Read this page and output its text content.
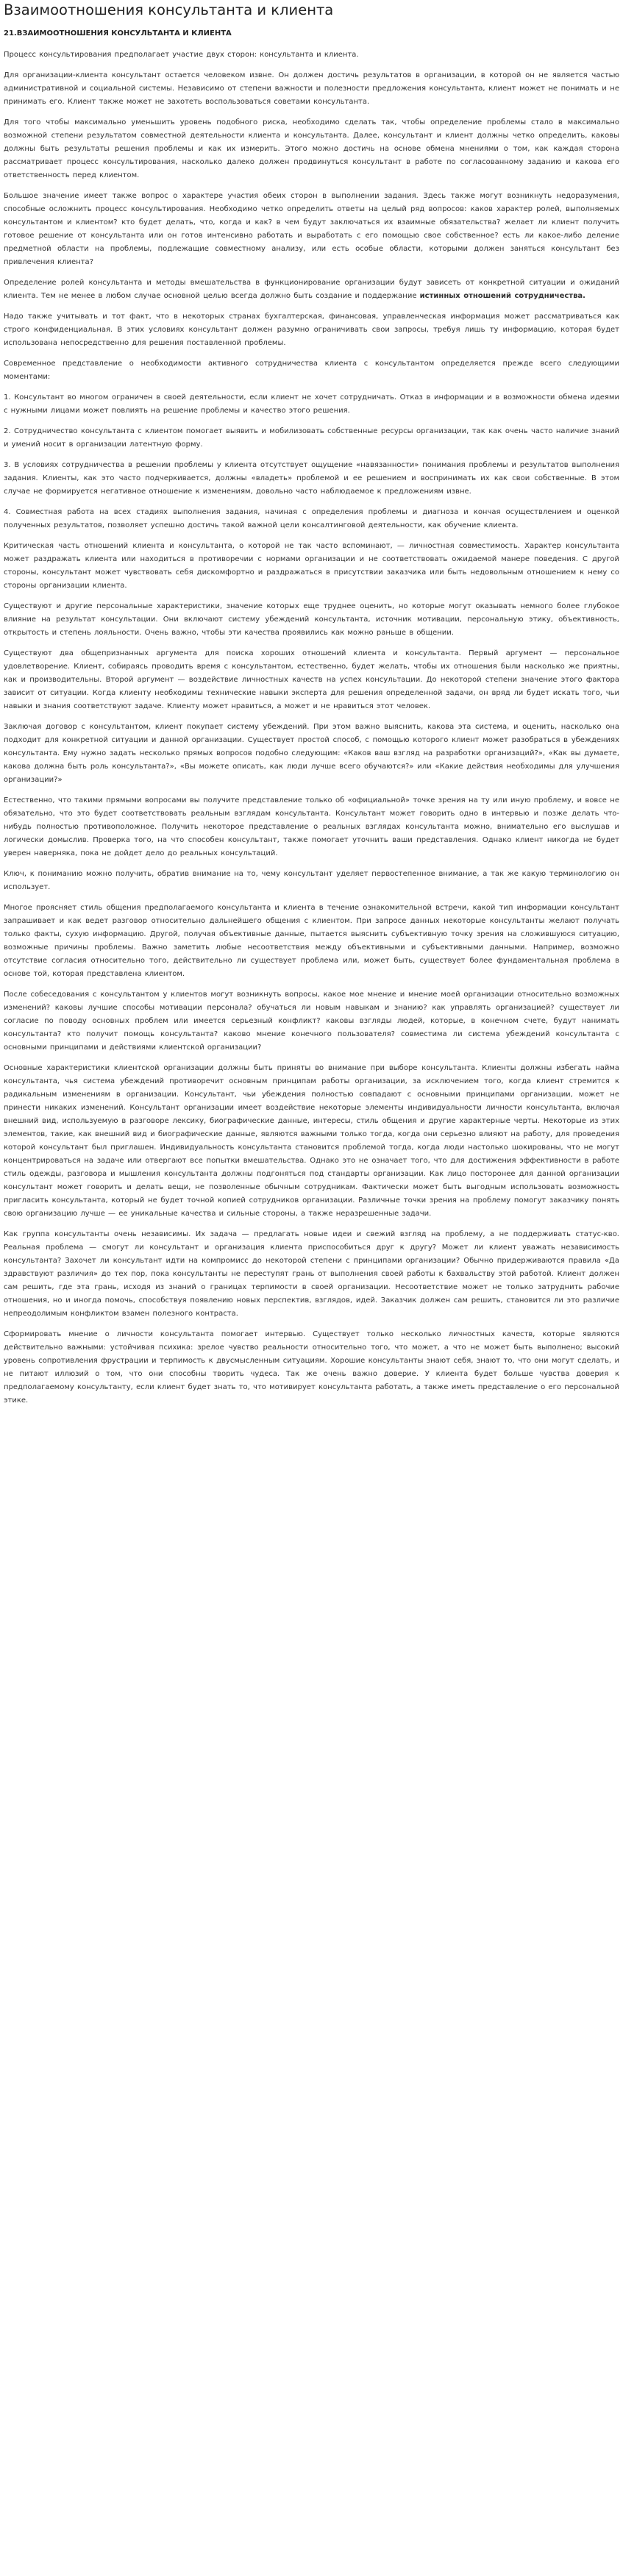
Взаимоотношения консультанта и клиента
21.ВЗАИМООТНОШЕНИЯ КОНСУЛЬТАНТА И КЛИЕНТА

Процесс консультирования предполагает участие двух сторон: консультанта и клиента.

Для организации-клиента консультант остается человеком извне. Он должен достичь результатов в организации, в которой он не является частью административной и социальной системы. Независимо от степени важности и полезности предложения консультанта, клиент может не понимать и не принимать его. Клиент также может не захотеть воспользоваться советами консультанта.

Для того чтобы максимально уменьшить уровень подобного риска, необходимо сделать так, чтобы определение проблемы стало в максимально возможной степени результатом совместной деятельности клиента и консультанта. Далее, консультант и клиент должны четко определить, каковы должны быть результаты решения проблемы и как их измерить. Этого можно достичь на основе обмена мнениями о том, как каждая сторона рассматривает процесс консультирования, насколько далеко должен продвинуться консультант в работе по согласованному заданию и какова его ответственность перед клиентом.

Большое значение имеет также вопрос о характере участия обеих сторон в выполнении задания. Здесь также могут возникнуть недоразумения, способные осложнить процесс консультирования. Необходимо четко определить ответы на целый ряд вопросов: каков характер ролей, выполняемых консультантом и клиентом? кто будет делать, что, когда и как? в чем будут заключаться их взаимные обязательства? желает ли клиент получить готовое решение от консультанта или он готов интенсивно работать и выработать с его помощью свое собственное? есть ли какое-либо деление предметной области на проблемы, подлежащие совместному анализу, или есть особые области, которыми должен заняться консультант без привлечения клиента?

Определение ролей консультанта и методы вмешательства в функционирование организации будут зависеть от конкретной ситуации и ожиданий клиента. Тем не менее в любом случае основной целью всегда должно быть создание и поддержание истинных отношений сотрудничества.

Надо также учитывать и тот факт, что в некоторых странах бухгалтерская, финансовая, управленческая информация может рассматриваться как строго конфиденциальная. В этих условиях консультант должен разумно ограничивать свои запросы, требуя лишь ту информацию, которая будет использована непосредственно для решения поставленной проблемы.

Современное представление о необходимости активного сотрудничества клиента с консультантом определяется прежде всего следующими моментами:

1. Консультант во многом ограничен в своей деятельности, если клиент не хочет сотрудничать. Отказ в информации и в возможности обмена идеями с нужными лицами может повлиять на решение проблемы и качество этого решения.

2. Сотрудничество консультанта с клиентом помогает выявить и мобилизовать собственные ресурсы организации, так как очень часто наличие знаний и умений носит в организации латентную форму.

3. В условиях сотрудничества в решении проблемы у клиента отсутствует ощущение «навязанности» понимания проблемы и результатов выполнения задания. Клиенты, как это часто подчеркивается, должны «владеть» проблемой и ее решением и воспринимать их как свои собственные. В этом случае не формируется негативное отношение к изменениям, довольно часто наблюдаемое к предложениям извне.

4. Совместная работа на всех стадиях выполнения задания, начиная с определения проблемы и диагноза и кончая осуществлением и оценкой полученных результатов, позволяет успешно достичь такой важной цели консалтинговой деятельности, как обучение клиента.

Критическая часть отношений клиента и консультанта, о которой не так часто вспоминают, — личностная совместимость. Характер консультанта может раздражать клиента или находиться в противоречии с нормами организации и не соответствовать ожидаемой манере поведения. С другой стороны, консультант может чувствовать себя дискомфортно и раздражаться в присутствии заказчика или быть недовольным отношением к нему со стороны организации клиента.

Существуют и другие персональные характеристики, значение которых еще труднее оценить, но которые могут оказывать немного более глубокое влияние на результат консультации. Они включают систему убеждений консультанта, источник мотивации, персональную этику, объективность, открытость и степень лояльности. Очень важно, чтобы эти качества проявились как можно раньше в общении.

Существуют два общепризнанных аргумента для поиска хороших отношений клиента и консультанта. Первый аргумент — персональное удовлетворение. Клиент, собираясь проводить время с консультантом, естественно, будет желать, чтобы их отношения были насколько же приятны, как и производительны. Второй аргумент — воздействие личностных качеств на успех консультации. До некоторой степени значение этого фактора зависит от ситуации. Когда клиенту необходимы технические навыки эксперта для решения определенной задачи, он вряд ли будет искать того, чьи навыки и знания соответствуют задаче. Клиенту может нравиться, а может и не нравиться этот человек.

Заключая договор с консультантом, клиент покупает систему убеждений. При этом важно выяснить, какова эта система, и оценить, насколько она подходит для конкретной ситуации и данной организации. Существует простой способ, с помощью которого клиент может разобраться в убеждениях консультанта. Ему нужно задать несколько прямых вопросов подобно следующим: «Каков ваш взгляд на разработки организаций?», «Как вы думаете, какова должна быть роль консультанта?», «Вы можете описать, как люди лучше всего обучаются?» или «Какие действия необходимы для улучшения организации?»

Естественно, что такими прямыми вопросами вы получите представление только об «официальной» точке зрения на ту или иную проблему, и вовсе не обязательно, что это будет соответствовать реальным взглядам консультанта. Консультант может говорить одно в интервью и позже делать что-нибудь полностью противоположное. Получить некоторое представление о реальных взглядах консультанта можно, внимательно его выслушав и логически домыслив. Проверка того, на что способен консультант, также помогает уточнить ваши представления. Однако клиент никогда не будет уверен наверняка, пока не дойдет дело до реальных консультаций.

Ключ, к пониманию можно получить, обратив внимание на то, чему консультант уделяет первостепенное внимание, а так же какую терминологию он использует.

Многое проясняет стиль общения предполагаемого консультанта и клиента в течение ознакомительной встречи, какой тип информации консультант запрашивает и как ведет разговор относительно дальнейшего общения с клиентом. При запросе данных некоторые консультанты желают получать только факты, сухую информацию. Другой, получая объективные данные, пытается выяснить субъективную точку зрения на сложившуюся ситуацию, возможные причины проблемы. Важно заметить любые несоответствия между объективными и субъективными данными. Например, возможно отсутствие согласия относительно того, действительно ли существует проблема или, может быть, существует более фундаментальная проблема в основе той, которая представлена клиентом.

После собеседования с консультантом у клиентов могут возникнуть вопросы, какое мое мнение и мнение моей организации относительно возможных изменений? каковы лучшие способы мотивации персонала? обучаться ли новым навыкам и знанию? как управлять организацией? существует ли согласие по поводу основных проблем или имеется серьезный конфликт? каковы взгляды людей, которые, в конечном счете, будут нанимать консультанта? кто получит помощь консультанта? каково мнение конечного пользователя? совместима ли система убеждений консультанта с основными принципами и действиями клиентской организации?

Основные характеристики клиентской организации должны быть приняты во внимание при выборе консультанта. Клиенты должны избегать найма консультанта, чья система убеждений противоречит основным принципам работы организации, за исключением того, когда клиент стремится к радикальным изменениям в организации. Консультант, чьи убеждения полностью совпадают с основными принципами организации, может не принести никаких изменений. Консультант организации имеет воздействие некоторые элементы индивидуальности личности консультанта, включая внешний вид, используемую в разговоре лексику, биографические данные, интересы, стиль общения и другие характерные черты. Некоторые из этих элементов, такие, как внешний вид и биографические данные, являются важными только тогда, когда они серьезно влияют на работу, для проведения которой консультант был приглашен. Индивидуальность консультанта становится проблемой тогда, когда люди настолько шокированы, что не могут концентрироваться на задаче или отвергают все попытки вмешательства. Однако это не означает того, что для достижения эффективности в работе стиль одежды, разговора и мышления консультанта должны подгоняться под стандарты организации. Как лицо посторонее для данной организации консультант может говорить и делать вещи, не позволенные обычным сотрудникам. Фактически может быть выгодным использовать возможность пригласить консультанта, который не будет точной копией сотрудников организации. Различные точки зрения на проблему помогут заказчику понять свою организацию лучше — ее уникальные качества и сильные стороны, а также неразрешенные задачи.

Как группа консультанты очень независимы. Их задача — предлагать новые идеи и свежий взгляд на проблему, а не поддерживать статус-кво. Реальная проблема — смогут ли консультант и организация клиента приспособиться друг к другу? Может ли клиент уважать независимость консультанта? Захочет ли консультант идти на компромисс до некоторой степени с принципами организации? Обычно придерживаются правила «Да здравствуют различия» до тех пор, пока консультанты не переступят грань от выполнения своей работы к бахвальству этой работой. Клиент должен сам решить, где эта грань, исходя из знаний о границах терпимости в своей организации. Несоответствие может не только затруднить рабочие отношения, но и иногда помочь, способствуя появлению новых перспектив, взглядов, идей. Заказчик должен сам решить, становится ли это различие непреодолимым конфликтом взамен полезного контраста.

Сформировать мнение о личности консультанта помогает интервью. Существует только несколько личностных качеств, которые являются действительно важными: устойчивая психика: зрелое чувство реальности относительно того, что может, а что не может быть выполнено; высокий уровень сопротивления фрустрации и терпимость к двусмысленным ситуациям. Хорошие консультанты знают себя, знают то, что они могут сделать, и не питают иллюзий о том, что они способны творить чудеса. Так же очень важно доверие. У клиента будет больше чувства доверия к предполагаемому консультанту, если клиент будет знать то, что мотивирует консультанта работать, а также иметь представление о его персональной этике.
